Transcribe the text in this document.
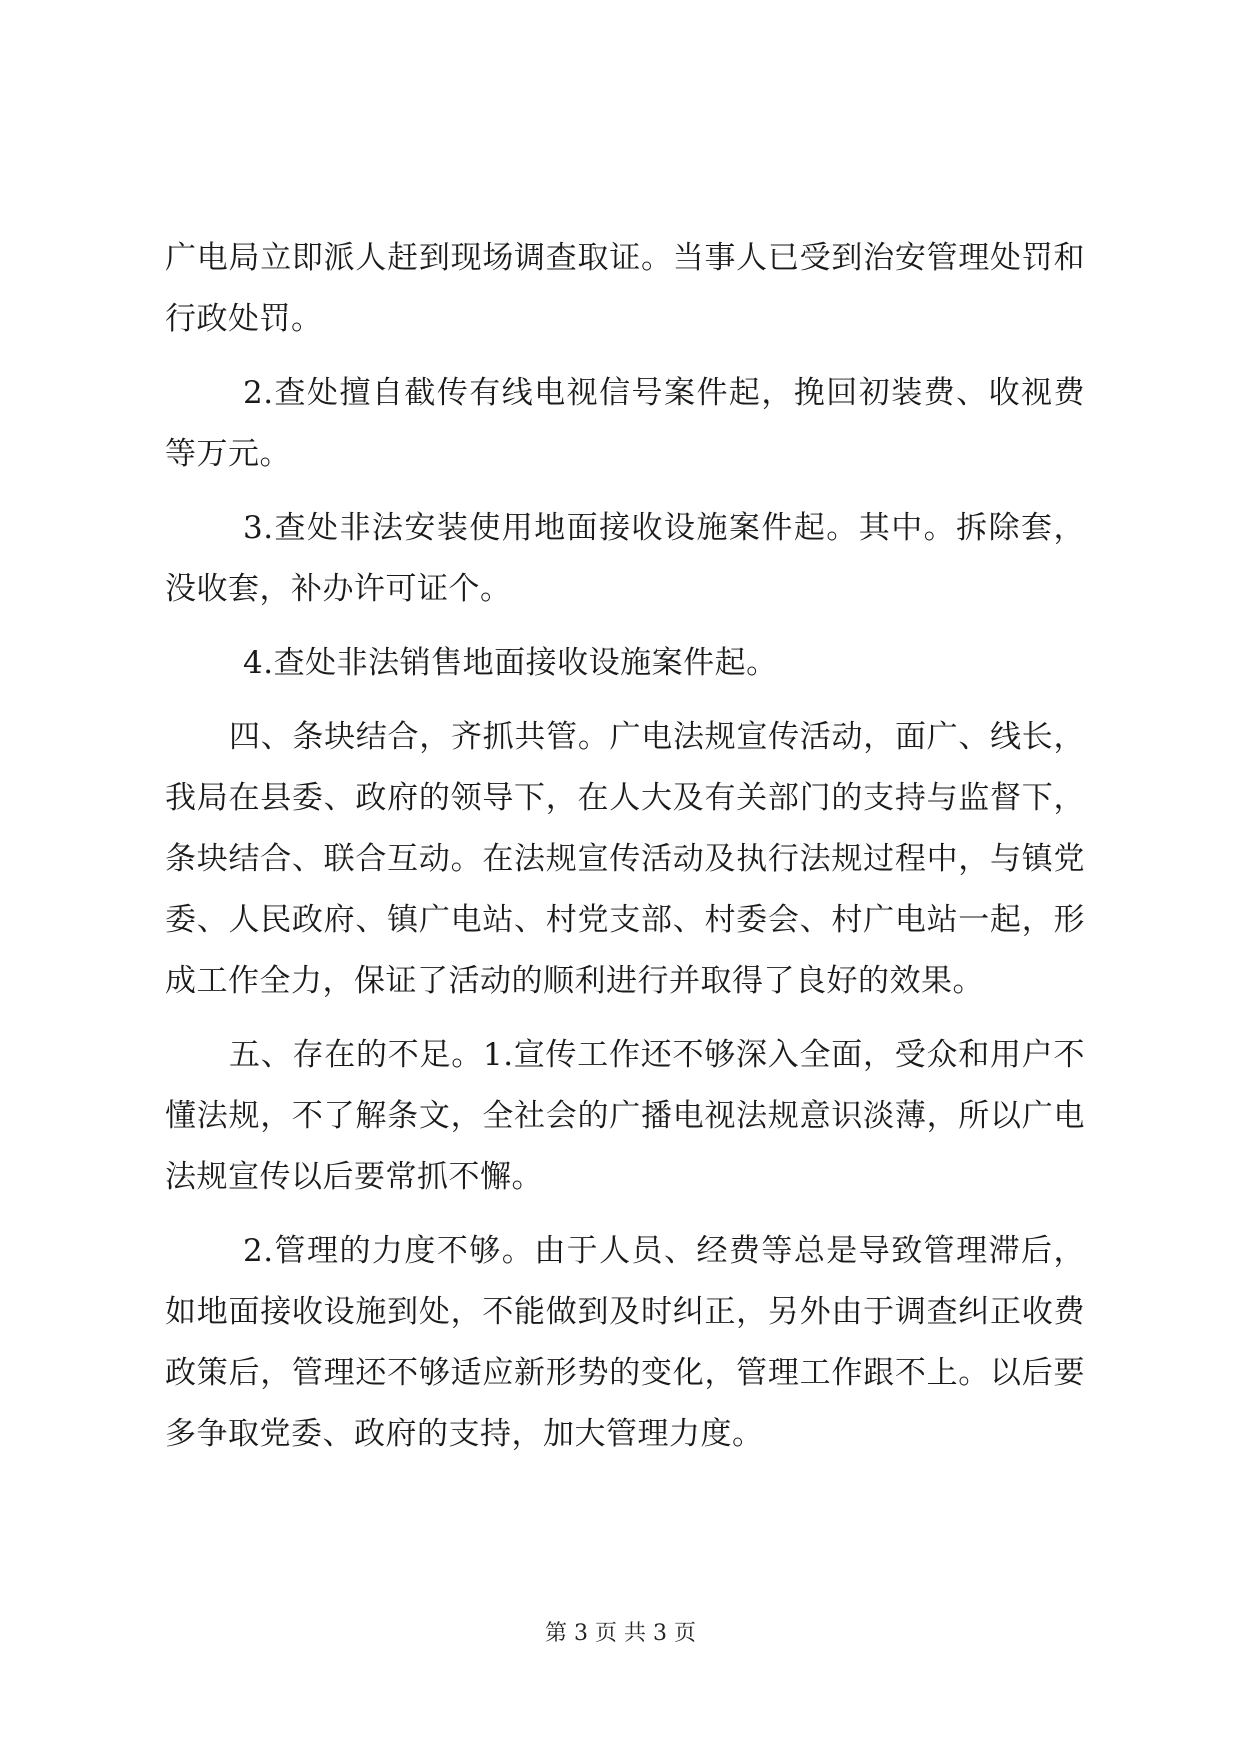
广电局立即派人赶到现场调查取证。当事人已受到治安管理处罚和行政处罚。

2.查处擅自截传有线电视信号案件起，挽回初装费、收视费等万元。

3.查处非法安装使用地面接收设施案件起。其中。拆除套，没收套，补办许可证个。

4.查处非法销售地面接收设施案件起。

四、条块结合，齐抓共管。广电法规宣传活动，面广、线长，我局在县委、政府的领导下，在人大及有关部门的支持与监督下，条块结合、联合互动。在法规宣传活动及执行法规过程中，与镇党委、人民政府、镇广电站、村党支部、村委会、村广电站一起，形成工作全力，保证了活动的顺利进行并取得了良好的效果。

五、存在的不足。1.宣传工作还不够深入全面，受众和用户不懂法规，不了解条文，全社会的广播电视法规意识淡薄，所以广电法规宣传以后要常抓不懈。

2.管理的力度不够。由于人员、经费等总是导致管理滞后，如地面接收设施到处，不能做到及时纠正，另外由于调查纠正收费政策后，管理还不够适应新形势的变化，管理工作跟不上。以后要多争取党委、政府的支持，加大管理力度。

第 3 页 共 3 页
